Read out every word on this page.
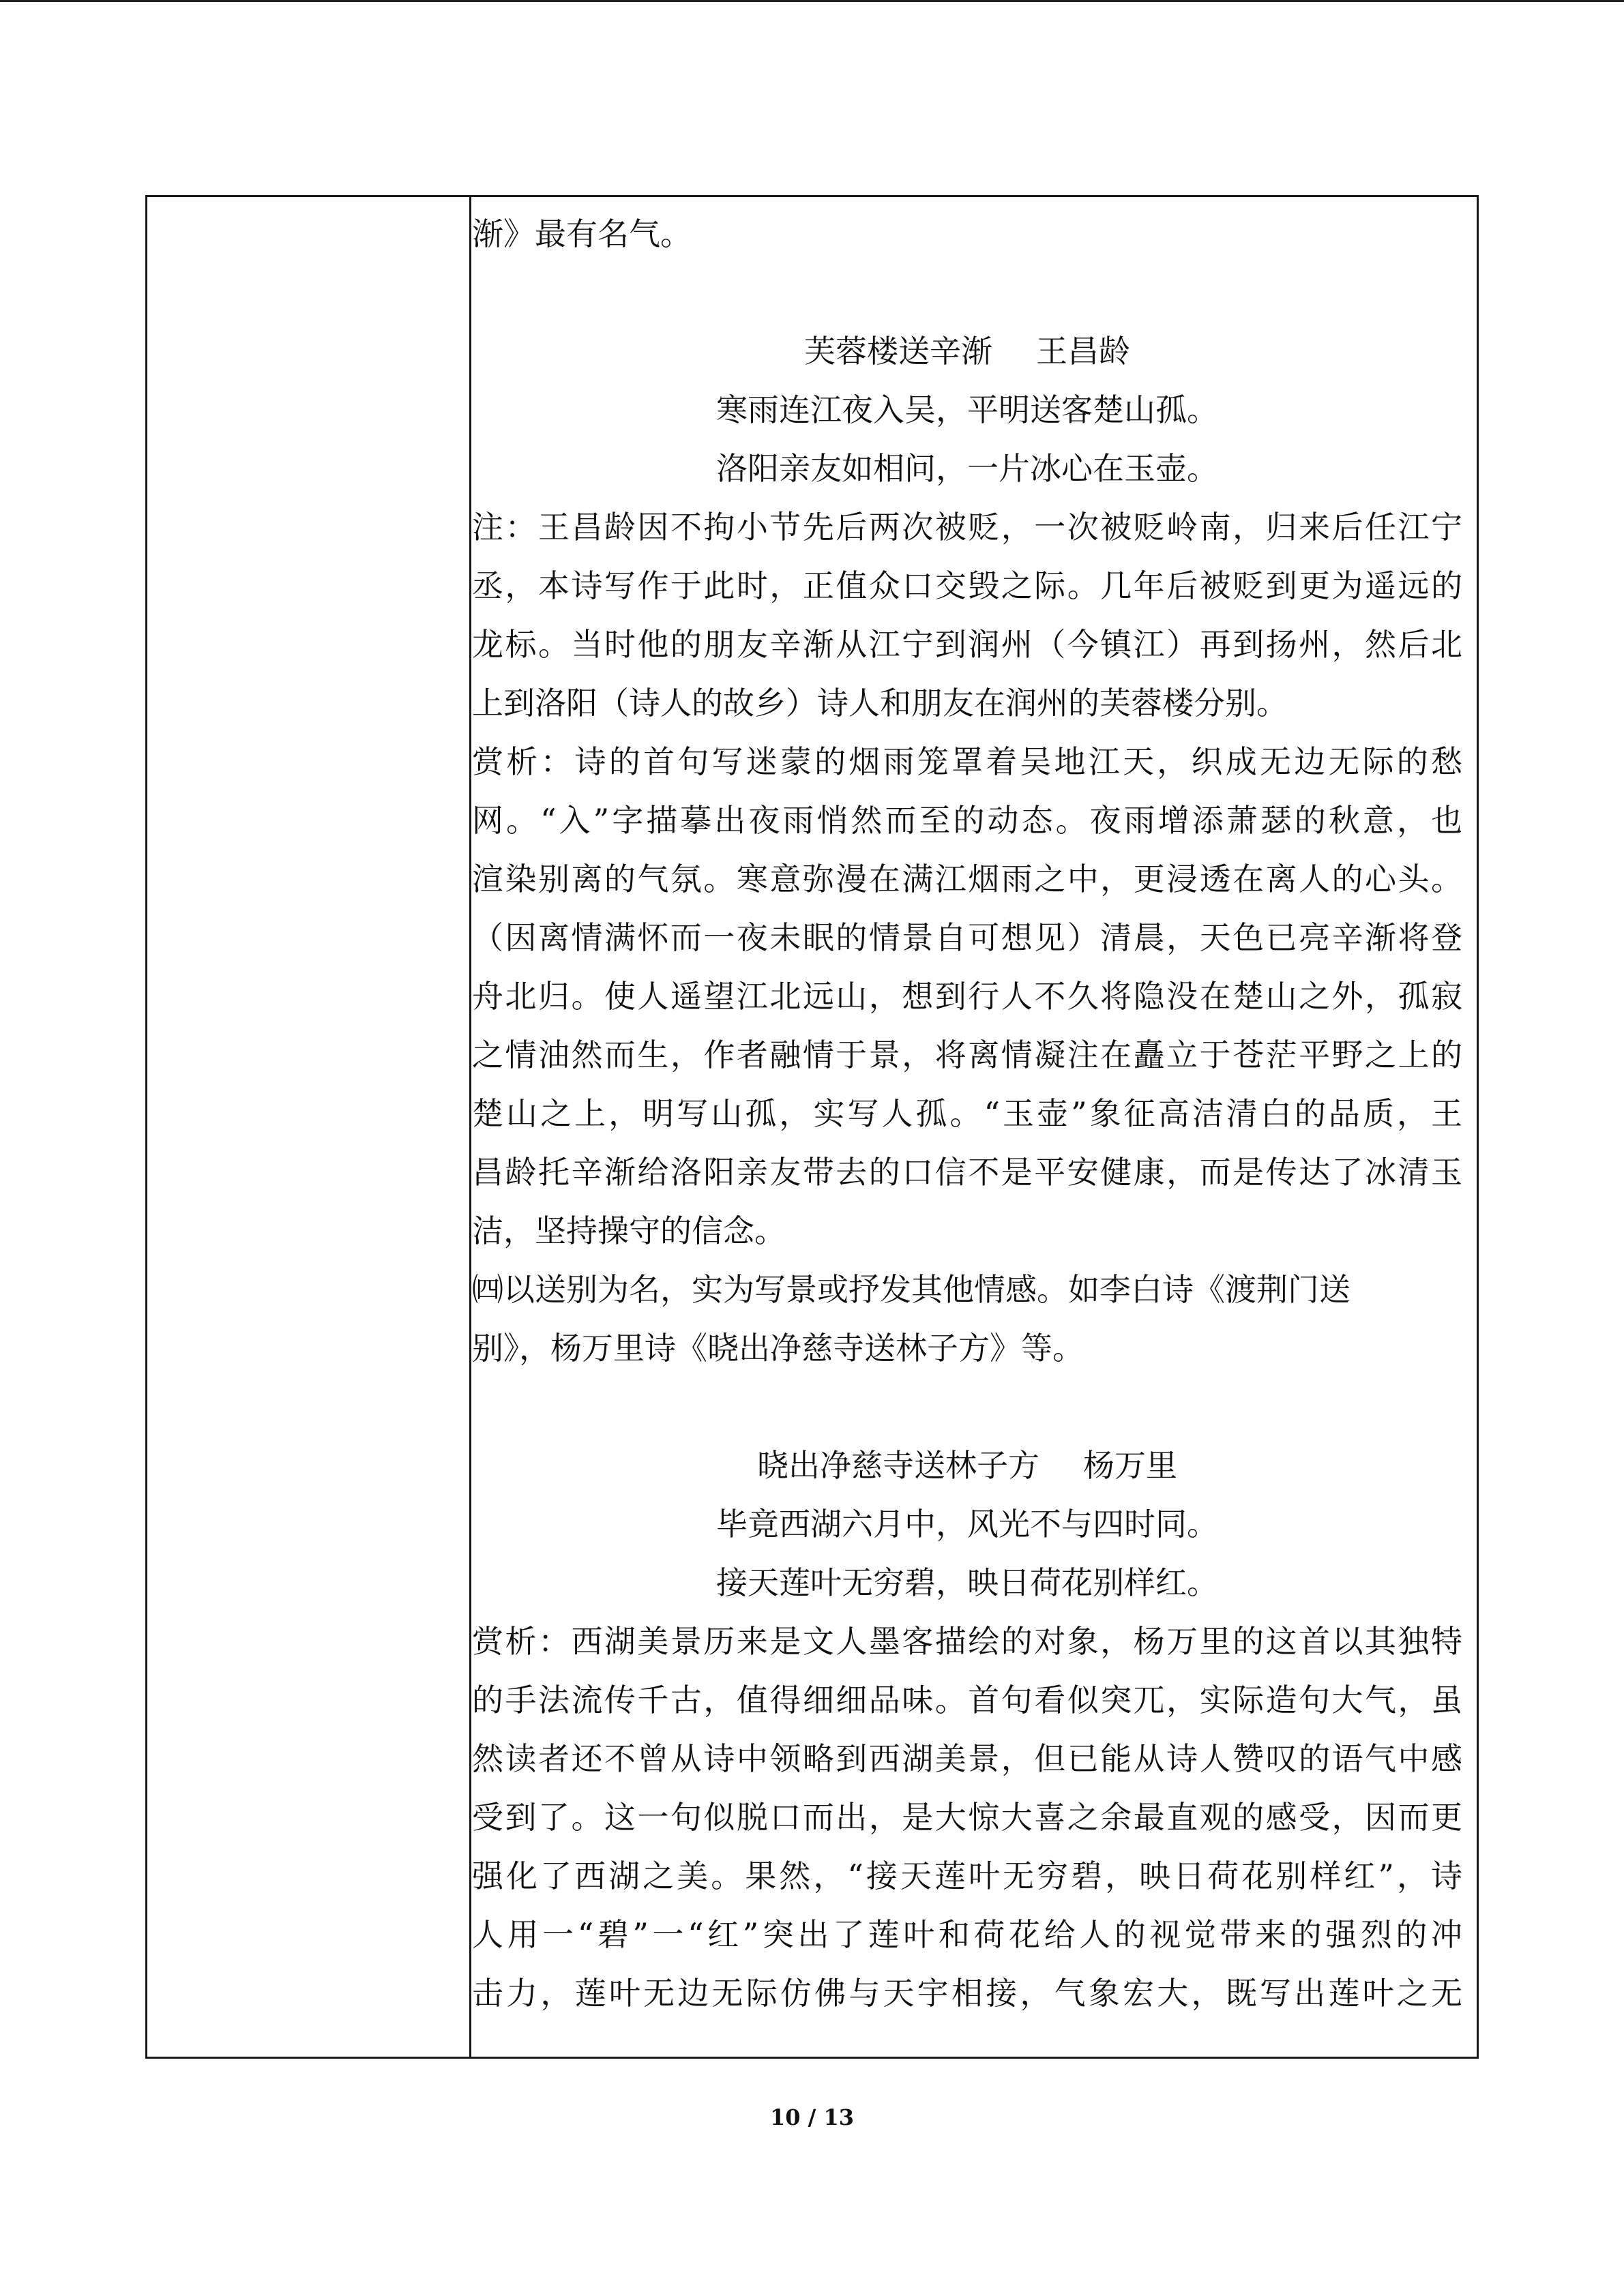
渐》最有名气。
芙蓉楼送辛渐 王昌龄
寒雨连江夜入吴，平明送客楚山孤。
洛阳亲友如相问，一片冰心在玉壶。
注：王昌龄因不拘小节先后两次被贬，一次被贬岭南，归来后任江宁
丞，本诗写作于此时，正值众口交毁之际。几年后被贬到更为遥远的
龙标。当时他的朋友辛渐从江宁到润州（今镇江）再到扬州，然后北
上到洛阳（诗人的故乡）诗人和朋友在润州的芙蓉楼分别。
赏析：诗的首句写迷蒙的烟雨笼罩着吴地江天，织成无边无际的愁
网。“入”字描摹出夜雨悄然而至的动态。夜雨增添萧瑟的秋意，也
渲染别离的气氛。寒意弥漫在满江烟雨之中，更浸透在离人的心头。
（因离情满怀而一夜未眠的情景自可想见）清晨，天色已亮辛渐将登
舟北归。使人遥望江北远山，想到行人不久将隐没在楚山之外，孤寂
之情油然而生，作者融情于景，将离情凝注在矗立于苍茫平野之上的
楚山之上，明写山孤，实写人孤。“玉壶”象征高洁清白的品质，王
昌龄托辛渐给洛阳亲友带去的口信不是平安健康，而是传达了冰清玉
洁，坚持操守的信念。
㈣以送别为名，实为写景或抒发其他情感。如李白诗《渡荆门送
别》，杨万里诗《晓出净慈寺送林子方》等。
晓出净慈寺送林子方 杨万里
毕竟西湖六月中，风光不与四时同。
接天莲叶无穷碧，映日荷花别样红。
赏析：西湖美景历来是文人墨客描绘的对象，杨万里的这首以其独特
的手法流传千古，值得细细品味。首句看似突兀，实际造句大气，虽
然读者还不曾从诗中领略到西湖美景，但已能从诗人赞叹的语气中感
受到了。这一句似脱口而出，是大惊大喜之余最直观的感受，因而更
强化了西湖之美。果然，“接天莲叶无穷碧，映日荷花别样红”，诗
人用一“碧”一“红”突出了莲叶和荷花给人的视觉带来的强烈的冲
击力，莲叶无边无际仿佛与天宇相接，气象宏大，既写出莲叶之无
10 / 13
